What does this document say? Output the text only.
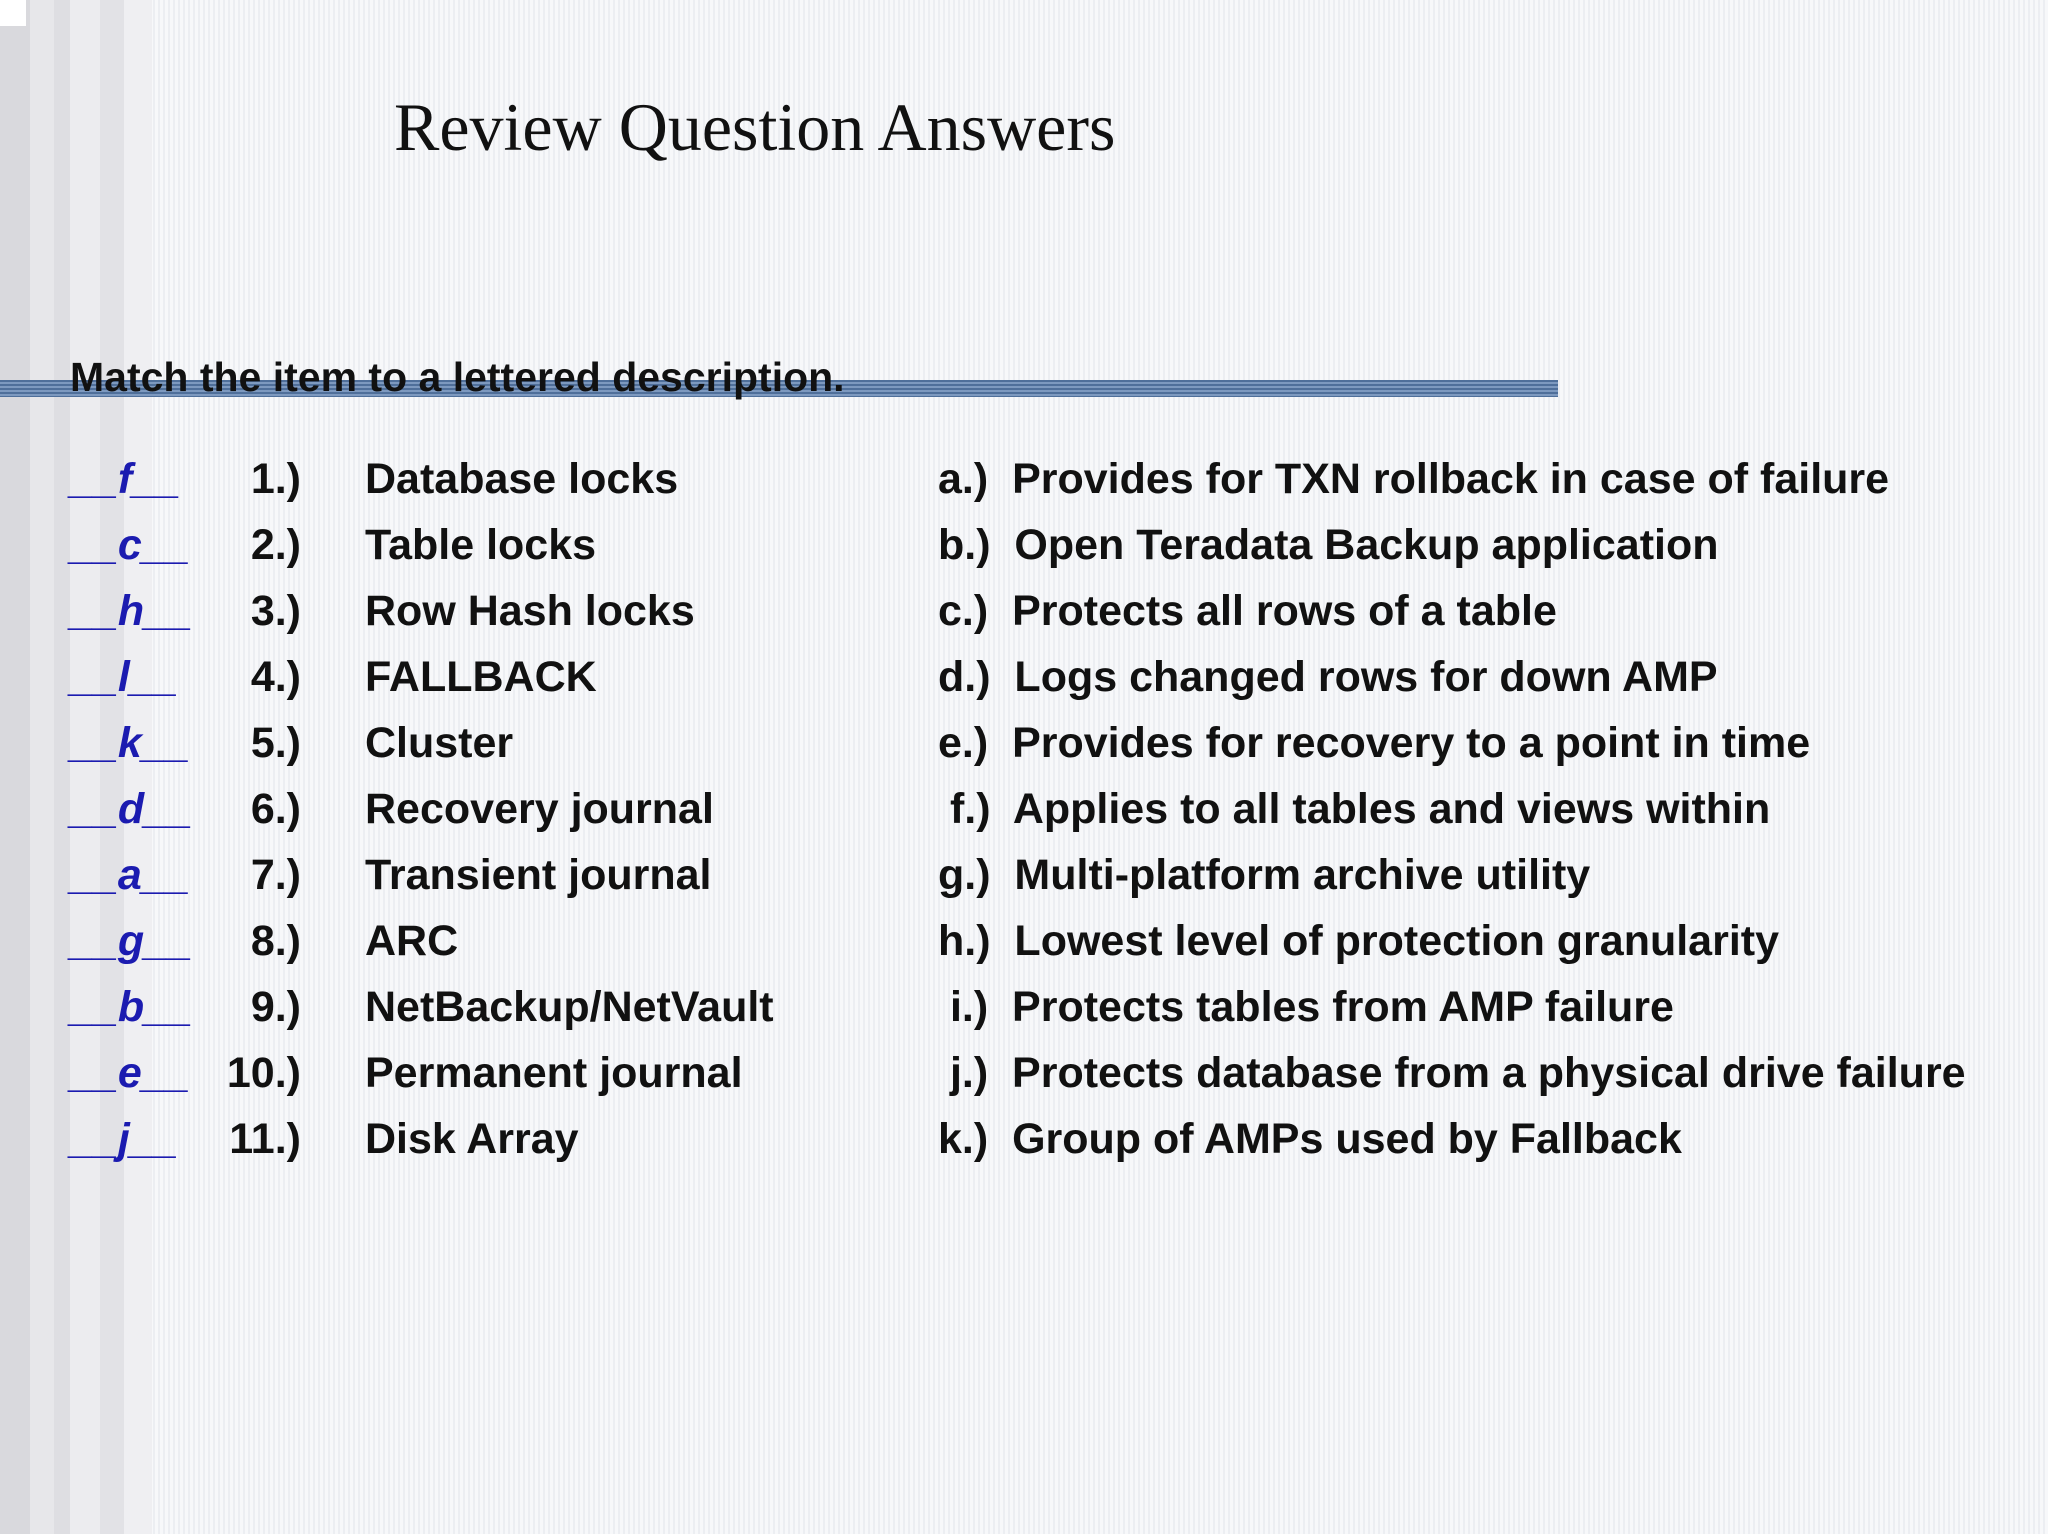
Review Question Answers
Match the item to a lettered description.
__f__	1.) Database locks	a.)  Provides for TXN rollback in case of failure
__c__	2.) Table locks	b.)  Open Teradata Backup application
__h__	3.) Row Hash locks	c.)  Protects all rows of a table
__l__	4.) FALLBACK	d.)  Logs changed rows for down AMP
__k__	5.) Cluster	e.)  Provides for recovery to a point in time
__d__	6.) Recovery journal	f.)  Applies to all tables and views within
__a__	7.) Transient journal	g.)  Multi-platform archive utility
__g__	8.) ARC	h.)  Lowest level of protection granularity
__b__	9.) NetBackup/NetVault	i.)  Protects tables from AMP failure
__e__ 10.) Permanent journal	j.)  Protects database from a physical drive failure
__j__	11.) Disk Array	k.)  Group of AMPs used by Fallback
